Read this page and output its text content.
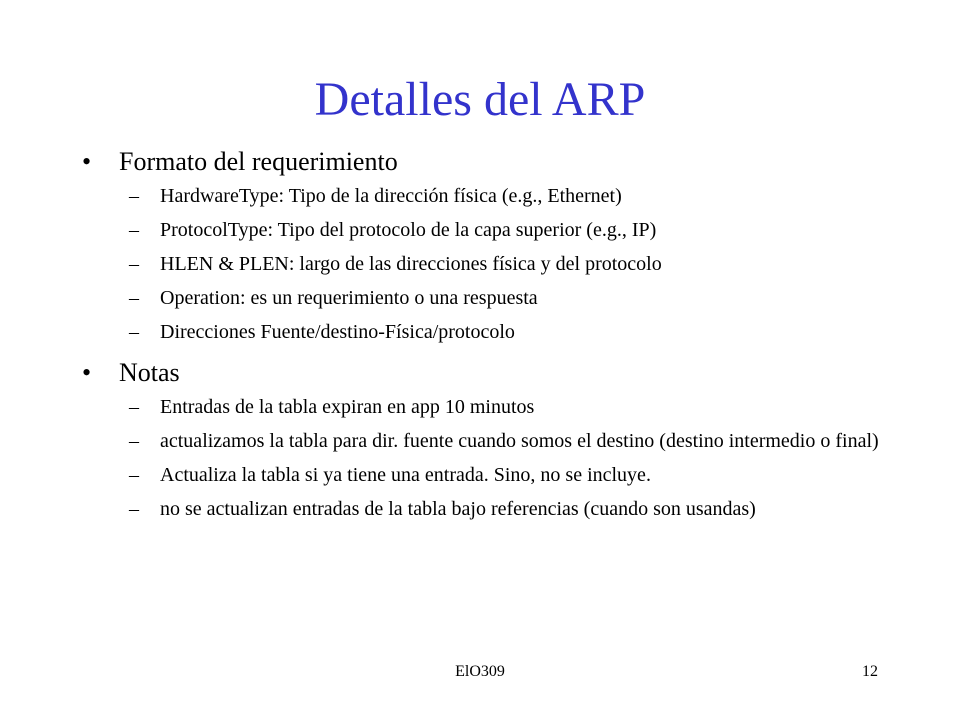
Detalles del ARP
• Formato del requerimiento
– HardwareType: Tipo de la dirección física (e.g., Ethernet)
– ProtocolType: Tipo del protocolo de la capa superior (e.g., IP)
– HLEN & PLEN: largo de las direcciones física y del protocolo
– Operation: es un requerimiento o una respuesta
– Direcciones Fuente/destino-Física/protocolo
• Notas
– Entradas de la tabla expiran en app 10 minutos
– actualizamos la tabla para dir. fuente cuando somos el destino (destino intermedio o final)
– Actualiza la tabla si ya tiene una entrada. Sino, no se incluye.
– no se actualizan entradas de la tabla bajo referencias (cuando son usandas)
ElO309	12
